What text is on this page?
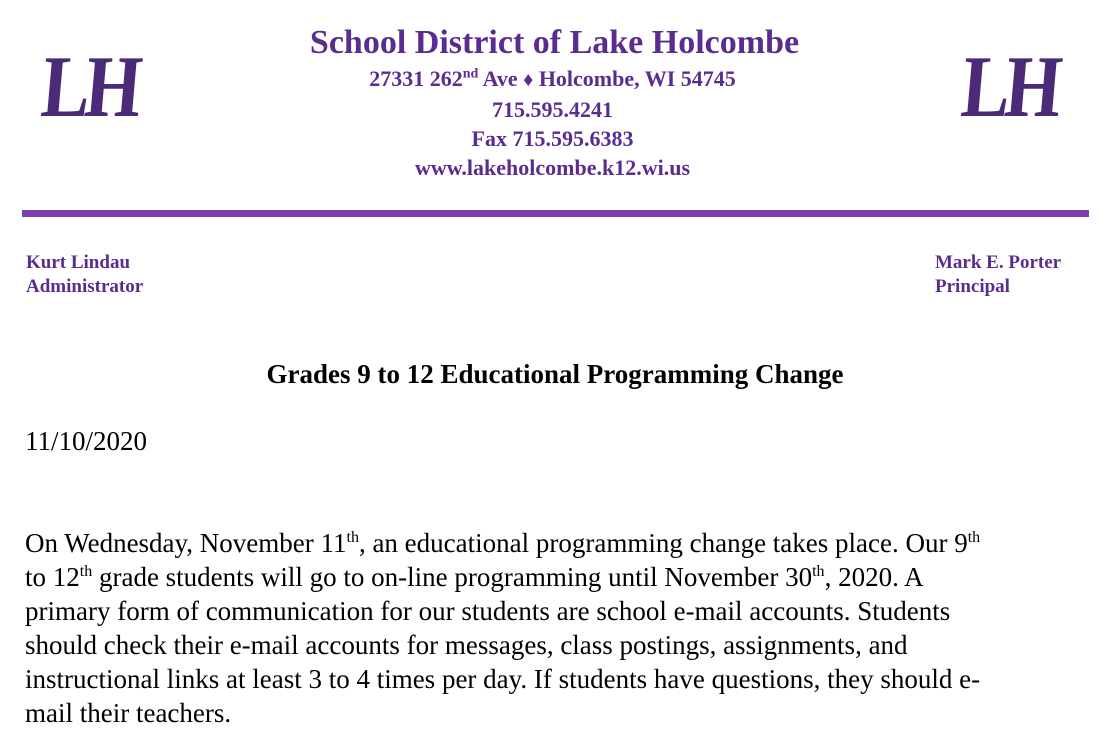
LH	LH
School District of Lake Holcombe
27331 262nd Ave ♦ Holcombe, WI 54745
715.595.4241
Fax 715.595.6383
www.lakeholcombe.k12.wi.us
Kurt Lindau
Administrator
Mark E. Porter
Principal
Grades 9 to 12 Educational Programming Change
11/10/2020
On Wednesday, November 11th, an educational programming change takes place. Our 9th
to 12th grade students will go to on-line programming until November 30th, 2020. A
primary form of communication for our students are school e-mail accounts. Students
should check their e-mail accounts for messages, class postings, assignments, and
instructional links at least 3 to 4 times per day. If students have questions, they should e-
mail their teachers.
